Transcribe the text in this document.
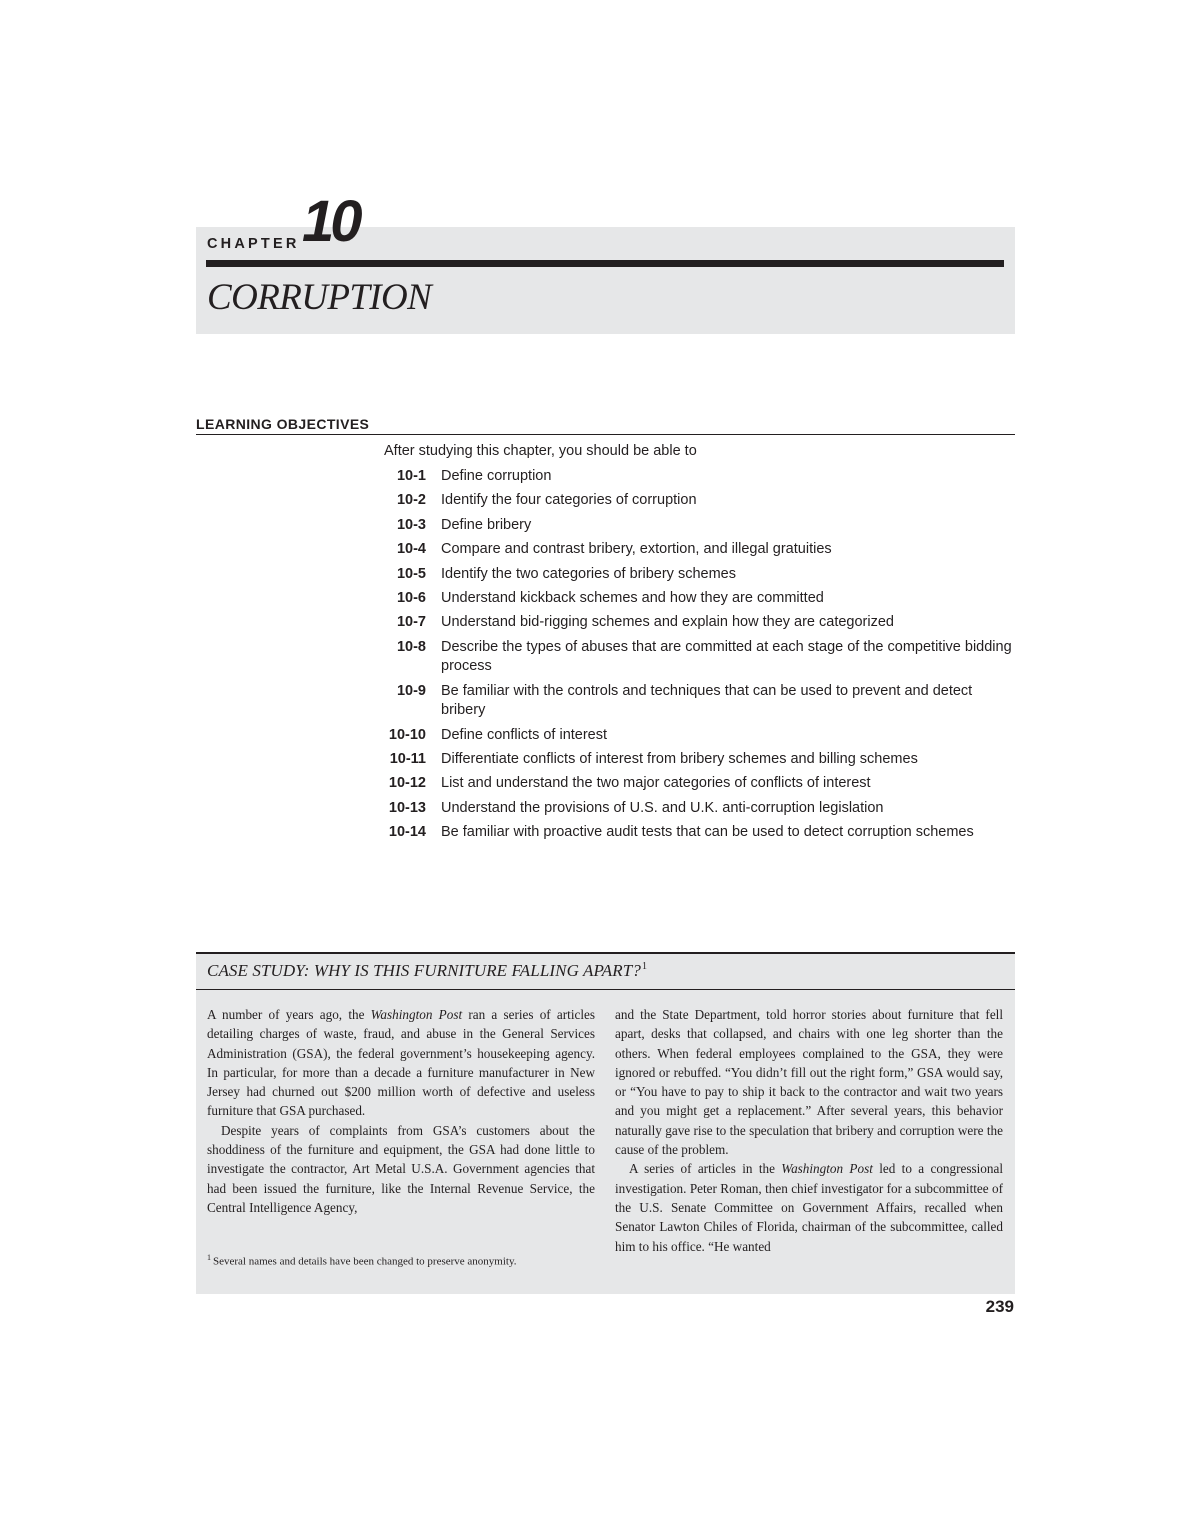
CHAPTER 10
CORRUPTION
LEARNING OBJECTIVES
After studying this chapter, you should be able to
10-1 Define corruption
10-2 Identify the four categories of corruption
10-3 Define bribery
10-4 Compare and contrast bribery, extortion, and illegal gratuities
10-5 Identify the two categories of bribery schemes
10-6 Understand kickback schemes and how they are committed
10-7 Understand bid-rigging schemes and explain how they are categorized
10-8 Describe the types of abuses that are committed at each stage of the competitive bidding process
10-9 Be familiar with the controls and techniques that can be used to prevent and detect bribery
10-10 Define conflicts of interest
10-11 Differentiate conflicts of interest from bribery schemes and billing schemes
10-12 List and understand the two major categories of conflicts of interest
10-13 Understand the provisions of U.S. and U.K. anti-corruption legislation
10-14 Be familiar with proactive audit tests that can be used to detect corruption schemes
CASE STUDY: WHY IS THIS FURNITURE FALLING APART?$^1$

A number of years ago, the Washington Post ran a series of articles detailing charges of waste, fraud, and abuse in the General Services Administration (GSA), the federal government’s housekeeping agency. In particular, for more than a decade a furniture manufacturer in New Jersey had churned out $200 million worth of defective and useless furniture that GSA purchased.

Despite years of complaints from GSA’s customers about the shoddiness of the furniture and equipment, the GSA had done little to investigate the contractor, Art Metal U.S.A. Government agencies that had been issued the furniture, like the Internal Revenue Service, the Central Intelligence Agency,

and the State Department, told horror stories about furniture that fell apart, desks that collapsed, and chairs with one leg shorter than the others. When federal employees complained to the GSA, they were ignored or rebuffed. “You didn’t fill out the right form,” GSA would say, or “You have to pay to ship it back to the contractor and wait two years and you might get a replacement.” After several years, this behavior naturally gave rise to the speculation that bribery and corruption were the cause of the problem.

A series of articles in the Washington Post led to a congressional investigation. Peter Roman, then chief investigator for a subcommittee of the U.S. Senate Committee on Government Affairs, recalled when Senator Lawton Chiles of Florida, chairman of the subcommittee, called him to his office. “He wanted

$^1$ Several names and details have been changed to preserve anonymity.
239
